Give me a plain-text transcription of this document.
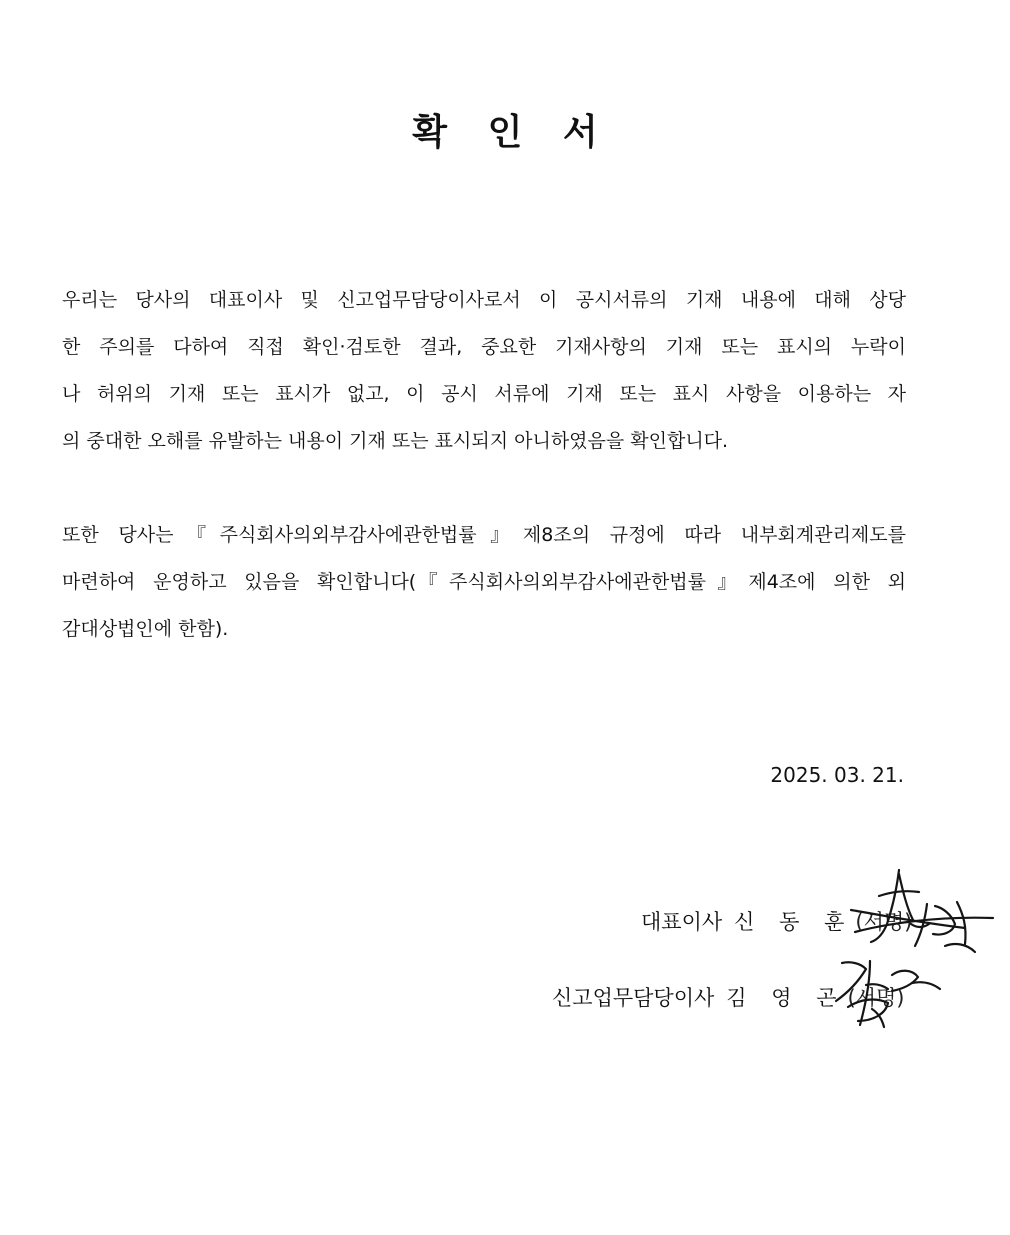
확 인 서
우리는 당사의 대표이사 및 신고업무담당이사로서 이 공시서류의 기재 내용에 대해 상당
한 주의를 다하여 직접 확인·검토한 결과, 중요한 기재사항의 기재 또는 표시의 누락이
나 허위의 기재 또는 표시가 없고, 이 공시 서류에 기재 또는 표시 사항을 이용하는 자
의 중대한 오해를 유발하는 내용이 기재 또는 표시되지 아니하였음을 확인합니다.
또한 당사는『주식회사의외부감사에관한법률』제8조의 규정에 따라 내부회계관리제도를
마련하여 운영하고 있음을 확인합니다(『주식회사의외부감사에관한법률』제4조에 의한 외
감대상법인에 한함).
2025. 03. 21.
대표이사 신 동 훈(서명)
신고업무담당이사 김 영 곤(서명)
